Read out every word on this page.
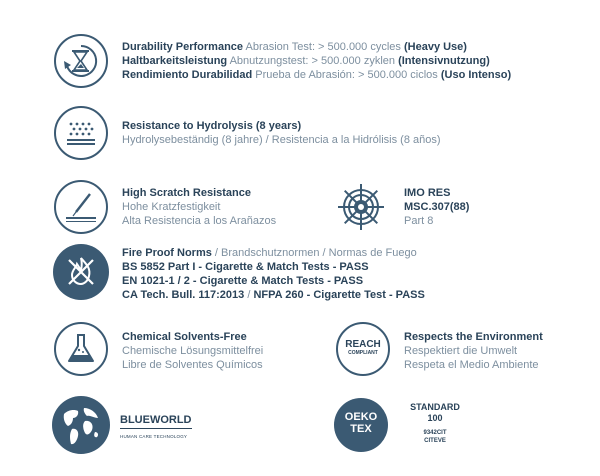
Durability Performance Abrasion Test: > 500.000 cycles (Heavy Use)
Haltbarkeitsleistung Abnutzungstest: > 500.000 zyklen (Intensivnutzung)
Rendimiento Durabilidad Prueba de Abrasión: > 500.000 ciclos (Uso Intenso)
Resistance to Hydrolysis (8 years)
Hydrolysebeständig (8 jahre) / Resistencia a la Hidrólisis (8 años)
High Scratch Resistance
Hohe Kratzfestigkeit
Alta Resistencia a los Arañazos
IMO RES
MSC.307(88)
Part 8
Fire Proof Norms / Brandschutznormen / Normas de Fuego
BS 5852 Part I - Cigarette & Match Tests - PASS
EN 1021-1 / 2 - Cigarette & Match Tests - PASS
CA Tech. Bull. 117:2013 / NFPA 260 - Cigarette Test - PASS
Chemical Solvents-Free
Chemische Lösungsmittelfrei
Libre de Solventes Químicos
REACH
COMPLIANT
Respects the Environment
Respektiert die Umwelt
Respeta el Medio Ambiente
BLUEWORLD
HUMAN CARE TECHNOLOGY
OEKO
TEX
STANDARD
100
9342CIT
CITEVE
